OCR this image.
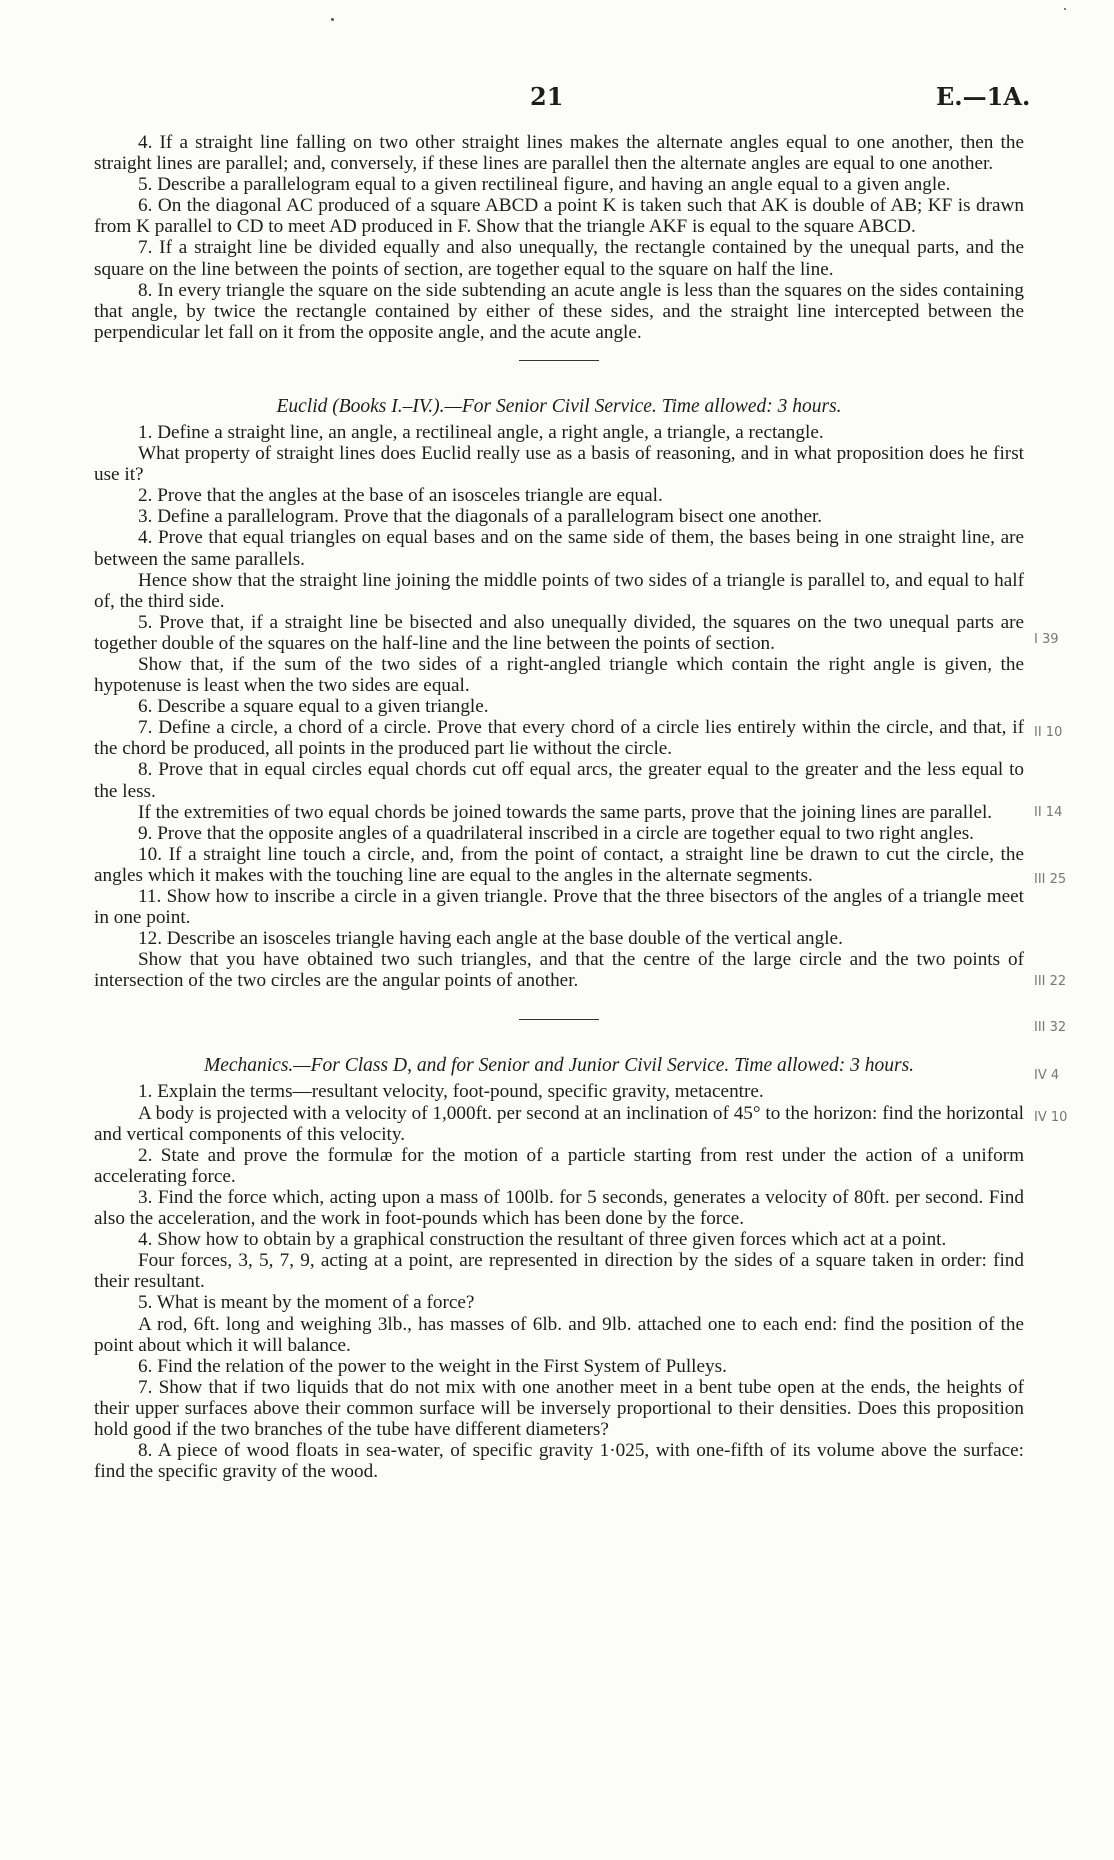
21	E.—1A.

4. If a straight line falling on two other straight lines makes the alternate angles equal to one another, then the straight lines are parallel; and, conversely, if these lines are parallel then the alternate angles are equal to one another.

5. Describe a parallelogram equal to a given rectilineal figure, and having an angle equal to a given angle.

6. On the diagonal AC produced of a square ABCD a point K is taken such that AK is double of AB; KF is drawn from K parallel to CD to meet AD produced in F. Show that the triangle AKF is equal to the square ABCD.

7. If a straight line be divided equally and also unequally, the rectangle contained by the unequal parts, and the square on the line between the points of section, are together equal to the square on half the line.

8. In every triangle the square on the side subtending an acute angle is less than the squares on the sides containing that angle, by twice the rectangle contained by either of these sides, and the straight line intercepted between the perpendicular let fall on it from the opposite angle, and the acute angle.

Euclid (Books I.–IV.).—For Senior Civil Service. Time allowed: 3 hours.

1. Define a straight line, an angle, a rectilineal angle, a right angle, a triangle, a rectangle.

What property of straight lines does Euclid really use as a basis of reasoning, and in what proposition does he first use it?

2. Prove that the angles at the base of an isosceles triangle are equal.

3. Define a parallelogram. Prove that the diagonals of a parallelogram bisect one another.

4. Prove that equal triangles on equal bases and on the same side of them, the bases being in one straight line, are between the same parallels.

Hence show that the straight line joining the middle points of two sides of a triangle is parallel to, and equal to half of, the third side.

5. Prove that, if a straight line be bisected and also unequally divided, the squares on the two unequal parts are together double of the squares on the half-line and the line between the points of section.

Show that, if the sum of the two sides of a right-angled triangle which contain the right angle is given, the hypotenuse is least when the two sides are equal.

6. Describe a square equal to a given triangle.

7. Define a circle, a chord of a circle. Prove that every chord of a circle lies entirely within the circle, and that, if the chord be produced, all points in the produced part lie without the circle.

8. Prove that in equal circles equal chords cut off equal arcs, the greater equal to the greater and the less equal to the less.

If the extremities of two equal chords be joined towards the same parts, prove that the joining lines are parallel.

9. Prove that the opposite angles of a quadrilateral inscribed in a circle are together equal to two right angles.

10. If a straight line touch a circle, and, from the point of contact, a straight line be drawn to cut the circle, the angles which it makes with the touching line are equal to the angles in the alternate segments.

11. Show how to inscribe a circle in a given triangle. Prove that the three bisectors of the angles of a triangle meet in one point.

12. Describe an isosceles triangle having each angle at the base double of the vertical angle.

Show that you have obtained two such triangles, and that the centre of the large circle and the two points of intersection of the two circles are the angular points of another.

Mechanics.—For Class D, and for Senior and Junior Civil Service. Time allowed: 3 hours.

1. Explain the terms—resultant velocity, foot-pound, specific gravity, metacentre.

A body is projected with a velocity of 1,000ft. per second at an inclination of 45° to the horizon: find the horizontal and vertical components of this velocity.

2. State and prove the formulæ for the motion of a particle starting from rest under the action of a uniform accelerating force.

3. Find the force which, acting upon a mass of 100lb. for 5 seconds, generates a velocity of 80ft. per second. Find also the acceleration, and the work in foot-pounds which has been done by the force.

4. Show how to obtain by a graphical construction the resultant of three given forces which act at a point.

Four forces, 3, 5, 7, 9, acting at a point, are represented in direction by the sides of a square taken in order: find their resultant.

5. What is meant by the moment of a force?

A rod, 6ft. long and weighing 3lb., has masses of 6lb. and 9lb. attached one to each end: find the position of the point about which it will balance.

6. Find the relation of the power to the weight in the First System of Pulleys.

7. Show that if two liquids that do not mix with one another meet in a bent tube open at the ends, the heights of their upper surfaces above their common surface will be inversely proportional to their densities. Does this proposition hold good if the two branches of the tube have different diameters?

8. A piece of wood floats in sea-water, of specific gravity 1·025, with one-fifth of its volume above the surface: find the specific gravity of the wood.

I 39
II 10
II 14
III 25
III 22
III 32
IV 4
IV 10
